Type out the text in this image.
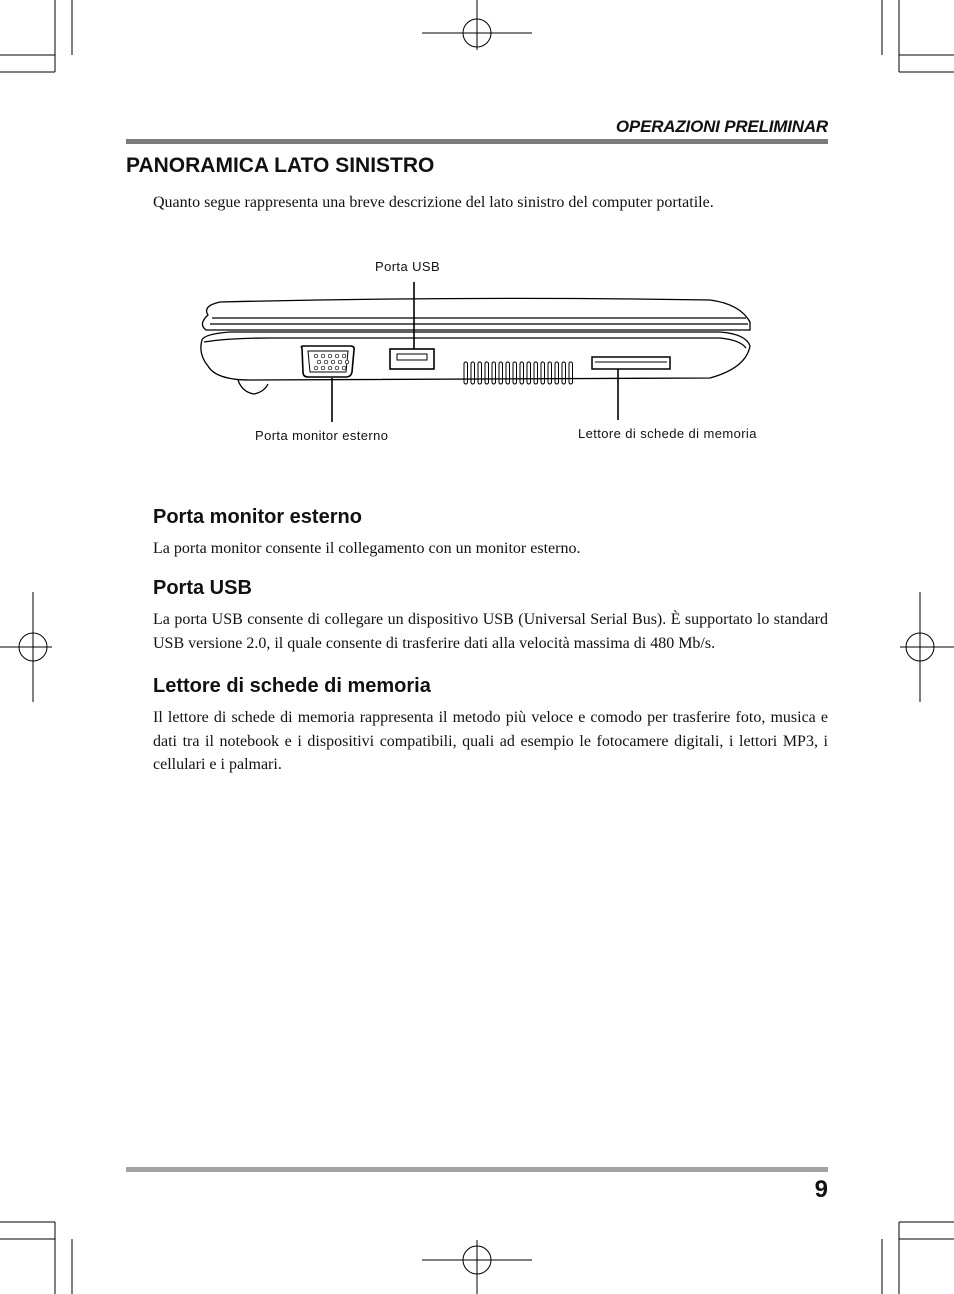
OPERAZIONI PRELIMINAR
PANORAMICA LATO SINISTRO

Quanto segue rappresenta una breve descrizione del lato sinistro del computer portatile.

Porta USB
Porta monitor esterno	Lettore di schede di memoria
Porta monitor esterno

La porta monitor consente il collegamento con un monitor esterno.

Porta USB

La porta USB consente di collegare un dispositivo USB (Universal Serial Bus). È supportato lo standard USB versione 2.0, il quale consente di trasferire dati alla velocità massima di 480 Mb/s.

Lettore di schede di memoria

Il lettore di schede di memoria rappresenta il metodo più veloce e comodo per trasferire foto, musica e dati tra il notebook e i dispositivi compatibili, quali ad esempio le fotocamere digitali, i lettori MP3, i cellulari e i palmari.

9
